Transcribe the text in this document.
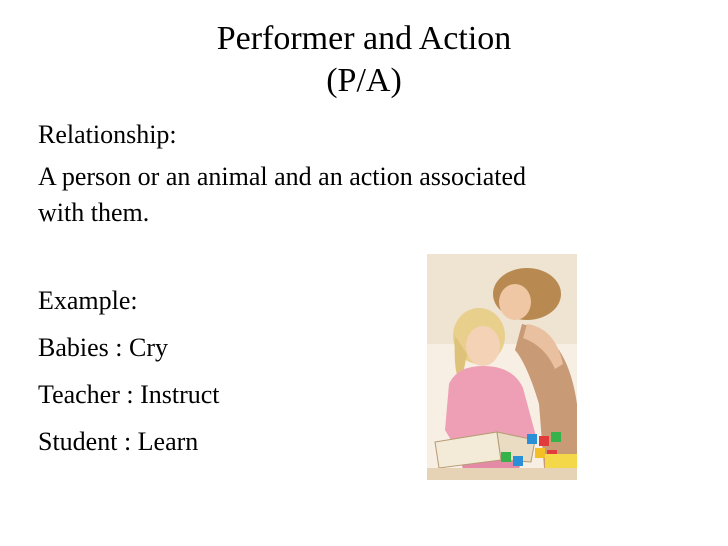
Performer and Action
(P/A)
Relationship:
A person or an animal and an action associated
with them.
Example:
Babies : Cry
Teacher : Instruct
Student : Learn
